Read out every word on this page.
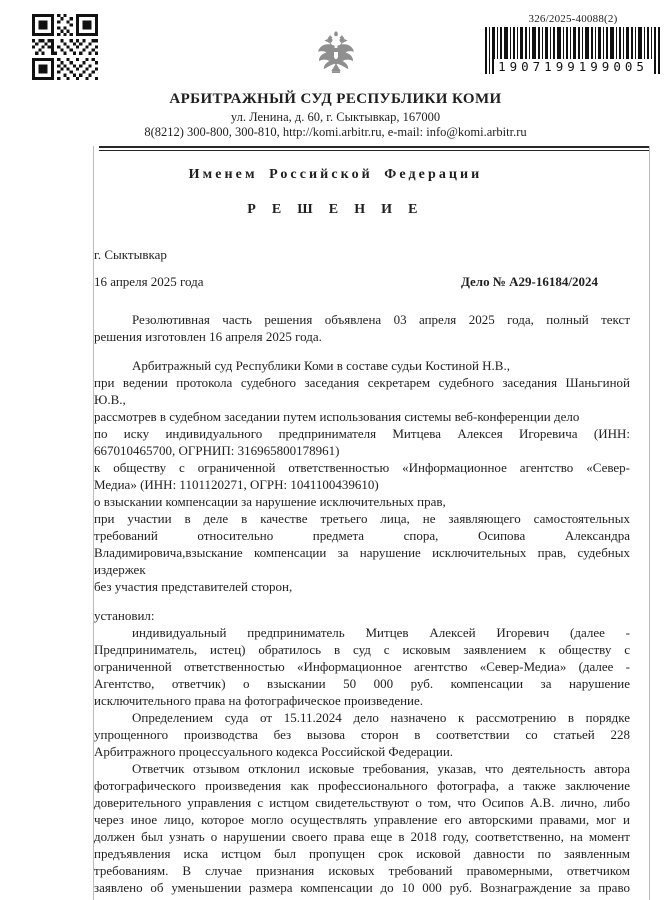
326/2025-40088(2)
1907199199005
АРБИТРАЖНЫЙ СУД РЕСПУБЛИКИ КОМИ
ул. Ленина, д. 60, г. Сыктывкар, 167000
8(8212) 300-800, 300-810, http://komi.arbitr.ru, e-mail: info@komi.arbitr.ru
Именем Российской Федерации
Р Е Ш Е Н И Е
г. Сыктывкар
16 апреля 2025 года	Дело № А29-16184/2024
Резолютивная часть решения объявлена 03 апреля 2025 года, полный текст
решения изготовлен 16 апреля 2025 года.
Арбитражный суд Республики Коми в составе судьи Костиной Н.В.,
при ведении протокола судебного заседания секретарем судебного заседания Шаньгиной
Ю.В.,
рассмотрев в судебном заседании путем использования системы веб-конференции дело
по иску индивидуального предпринимателя Митцева Алексея Игоревича (ИНН:
667010465700, ОГРНИП: 316965800178961)
к обществу с ограниченной ответственностью «Информационное агентство «Север-
Медиа» (ИНН: 1101120271, ОГРН: 1041100439610)
о взыскании компенсации за нарушение исключительных прав,
при участии в деле в качестве третьего лица, не заявляющего самостоятельных
требований относительно предмета спора, Осипова Александра
Владимировича,взыскание компенсации за нарушение исключительных прав, судебных
издержек
без участия представителей сторон,
установил:
индивидуальный предприниматель Митцев Алексей Игоревич (далее -
Предприниматель, истец) обратилось в суд с исковым заявлением к обществу с
ограниченной ответственностью «Информационное агентство «Север-Медиа» (далее -
Агентство, ответчик) о взыскании 50 000 руб. компенсации за нарушение
исключительного права на фотографическое произведение.
Определением суда от 15.11.2024 дело назначено к рассмотрению в порядке
упрощенного производства без вызова сторон в соответствии со статьей 228
Арбитражного процессуального кодекса Российской Федерации.
Ответчик отзывом отклонил исковые требования, указав, что деятельность автора
фотографического произведения как профессионального фотографа, а также заключение
доверительного управления с истцом свидетельствуют о том, что Осипов А.В. лично, либо
через иное лицо, которое могло осуществлять управление его авторскими правами, мог и
должен был узнать о нарушении своего права еще в 2018 году, соответственно, на момент
предъявления иска истцом был пропущен срок исковой давности по заявленным
требованиям. В случае признания исковых требований правомерными, ответчиком
заявлено об уменьшении размера компенсации до 10 000 руб. Вознаграждение за право
